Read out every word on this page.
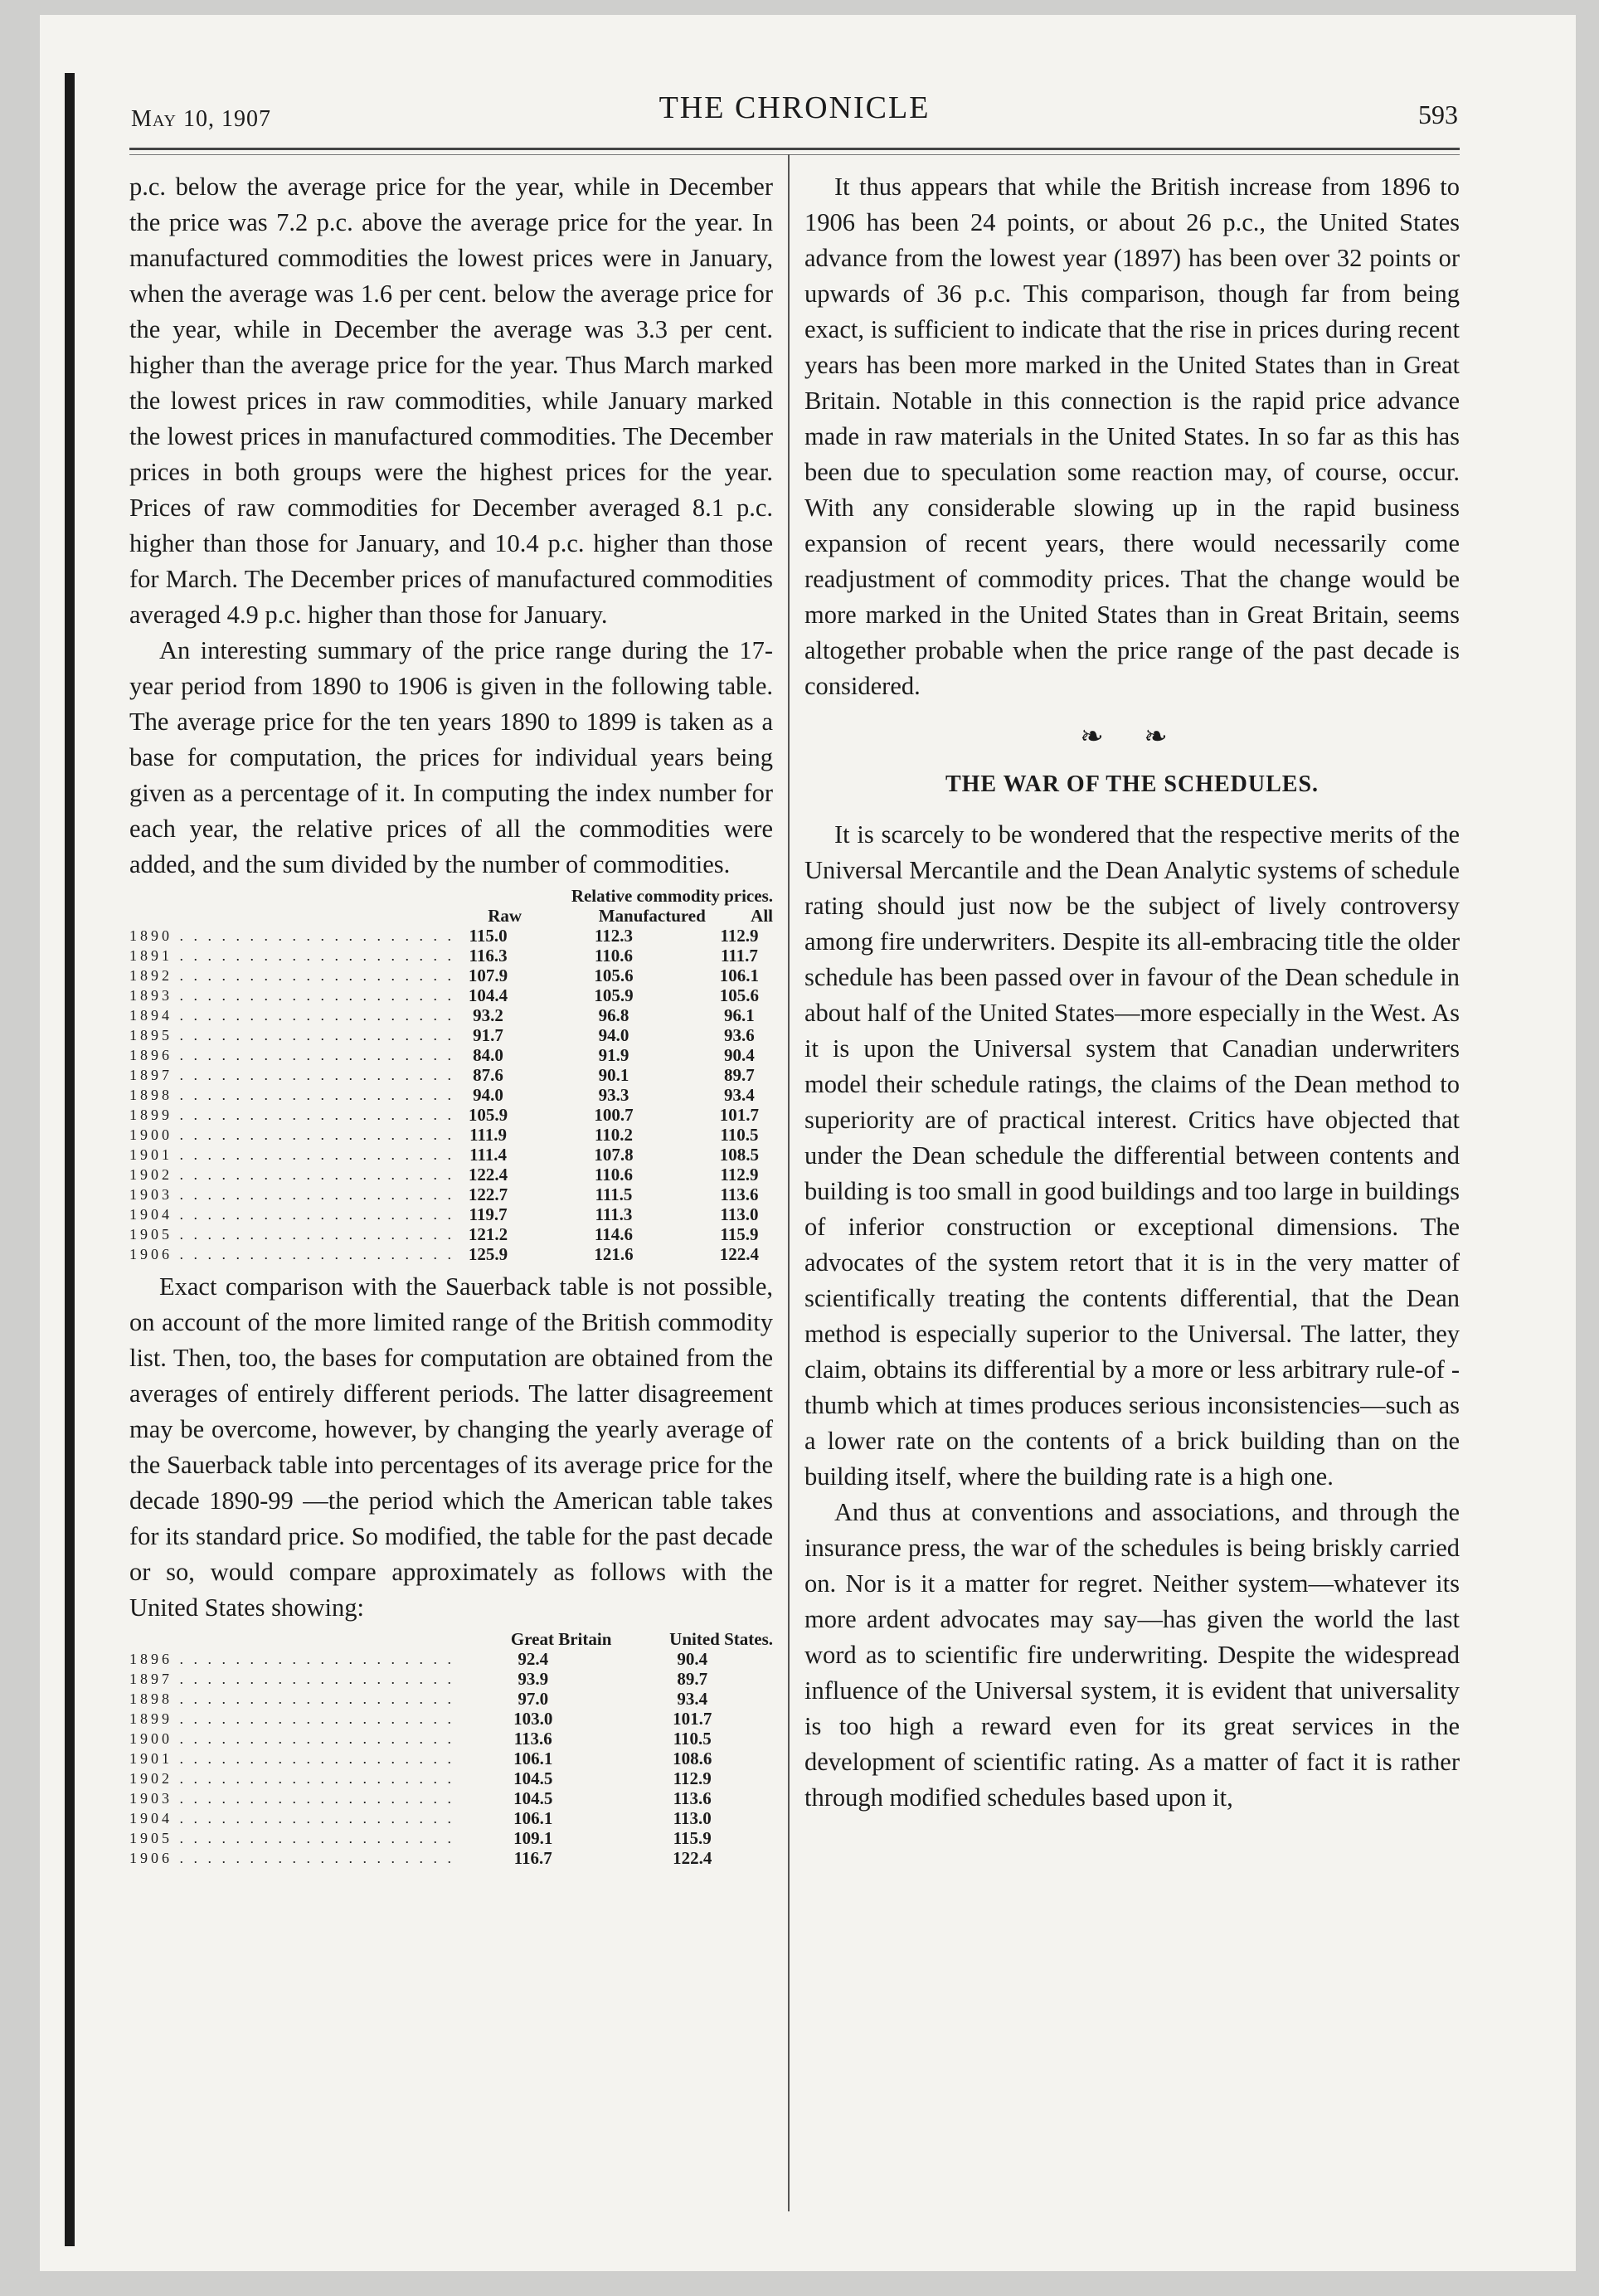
May 10, 1907	THE CHRONICLE	593

p.c. below the average price for the year, while in December the price was 7.2 p.c. above the average price for the year. In manufactured commodities the lowest prices were in January, when the average was 1.6 per cent. below the average price for the year, while in December the average was 3.3 per cent. higher than the average price for the year. Thus March marked the lowest prices in raw commodities, while January marked the lowest prices in manufactured commodities. The December prices in both groups were the highest prices for the year. Prices of raw commodities for December averaged 8.1 p.c. higher than those for January, and 10.4 p.c. higher than those for March. The December prices of manufactured commodities averaged 4.9 p.c. higher than those for January.

An interesting summary of the price range during the 17-year period from 1890 to 1906 is given in the following table. The average price for the ten years 1890 to 1899 is taken as a base for computation, the prices for individual years being given as a percentage of it. In computing the index number for each year, the relative prices of all the commodities were added, and the sum divided by the number of commodities.

	Relative commodity prices.		
	Raw	Manufactured	All
1890 . . . . . . . . . . . . . . . . . . . .	115.0	112.3	112.9
1891 . . . . . . . . . . . . . . . . . . . .	116.3	110.6	111.7
1892 . . . . . . . . . . . . . . . . . . . .	107.9	105.6	106.1
1893 . . . . . . . . . . . . . . . . . . . .	104.4	105.9	105.6
1894 . . . . . . . . . . . . . . . . . . . .	93.2	96.8	96.1
1895 . . . . . . . . . . . . . . . . . . . .	91.7	94.0	93.6
1896 . . . . . . . . . . . . . . . . . . . .	84.0	91.9	90.4
1897 . . . . . . . . . . . . . . . . . . . .	87.6	90.1	89.7
1898 . . . . . . . . . . . . . . . . . . . .	94.0	93.3	93.4
1899 . . . . . . . . . . . . . . . . . . . .	105.9	100.7	101.7
1900 . . . . . . . . . . . . . . . . . . . .	111.9	110.2	110.5
1901 . . . . . . . . . . . . . . . . . . . .	111.4	107.8	108.5
1902 . . . . . . . . . . . . . . . . . . . .	122.4	110.6	112.9
1903 . . . . . . . . . . . . . . . . . . . .	122.7	111.5	113.6
1904 . . . . . . . . . . . . . . . . . . . .	119.7	111.3	113.0
1905 . . . . . . . . . . . . . . . . . . . .	121.2	114.6	115.9
1906 . . . . . . . . . . . . . . . . . . . .	125.9	121.6	122.4

Exact comparison with the Sauerback table is not possible, on account of the more limited range of the British commodity list. Then, too, the bases for computation are obtained from the averages of entirely different periods. The latter disagreement may be overcome, however, by changing the yearly average of the Sauerback table into percentages of its average price for the decade 1890-99 —the period which the American table takes for its standard price. So modified, the table for the past decade or so, would compare approximately as follows with the United States showing:

	Great Britain	United States.
1896 . . . . . . . . . . . . . . . . . . . .	92.4	90.4
1897 . . . . . . . . . . . . . . . . . . . .	93.9	89.7
1898 . . . . . . . . . . . . . . . . . . . .	97.0	93.4
1899 . . . . . . . . . . . . . . . . . . . .	103.0	101.7
1900 . . . . . . . . . . . . . . . . . . . .	113.6	110.5
1901 . . . . . . . . . . . . . . . . . . . .	106.1	108.6
1902 . . . . . . . . . . . . . . . . . . . .	104.5	112.9
1903 . . . . . . . . . . . . . . . . . . . .	104.5	113.6
1904 . . . . . . . . . . . . . . . . . . . .	106.1	113.0
1905 . . . . . . . . . . . . . . . . . . . .	109.1	115.9
1906 . . . . . . . . . . . . . . . . . . . .	116.7	122.4

It thus appears that while the British increase from 1896 to 1906 has been 24 points, or about 26 p.c., the United States advance from the lowest year (1897) has been over 32 points or upwards of 36 p.c. This comparison, though far from being exact, is sufficient to indicate that the rise in prices during recent years has been more marked in the United States than in Great Britain. Notable in this connection is the rapid price advance made in raw materials in the United States. In so far as this has been due to speculation some reaction may, of course, occur. With any considerable slowing up in the rapid business expansion of recent years, there would necessarily come readjustment of commodity prices. That the change would be more marked in the United States than in Great Britain, seems altogether probable when the price range of the past decade is considered.

❧ ❧
THE WAR OF THE SCHEDULES.

It is scarcely to be wondered that the respective merits of the Universal Mercantile and the Dean Analytic systems of schedule rating should just now be the subject of lively controversy among fire underwriters. Despite its all-embracing title the older schedule has been passed over in favour of the Dean schedule in about half of the United States—more especially in the West. As it is upon the Universal system that Canadian underwriters model their schedule ratings, the claims of the Dean method to superiority are of practical interest. Critics have objected that under the Dean schedule the differential between contents and building is too small in good buildings and too large in buildings of inferior construction or exceptional dimensions. The advocates of the system retort that it is in the very matter of scientifically treating the contents differential, that the Dean method is especially superior to the Universal. The latter, they claim, obtains its differential by a more or less arbitrary rule-of -thumb which at times produces serious inconsistencies—such as a lower rate on the contents of a brick building than on the building itself, where the building rate is a high one.

And thus at conventions and associations, and through the insurance press, the war of the schedules is being briskly carried on. Nor is it a matter for regret. Neither system—whatever its more ardent advocates may say—has given the world the last word as to scientific fire underwriting. Despite the widespread influence of the Universal system, it is evident that universality is too high a reward even for its great services in the development of scientific rating. As a matter of fact it is rather through modified schedules based upon it,
